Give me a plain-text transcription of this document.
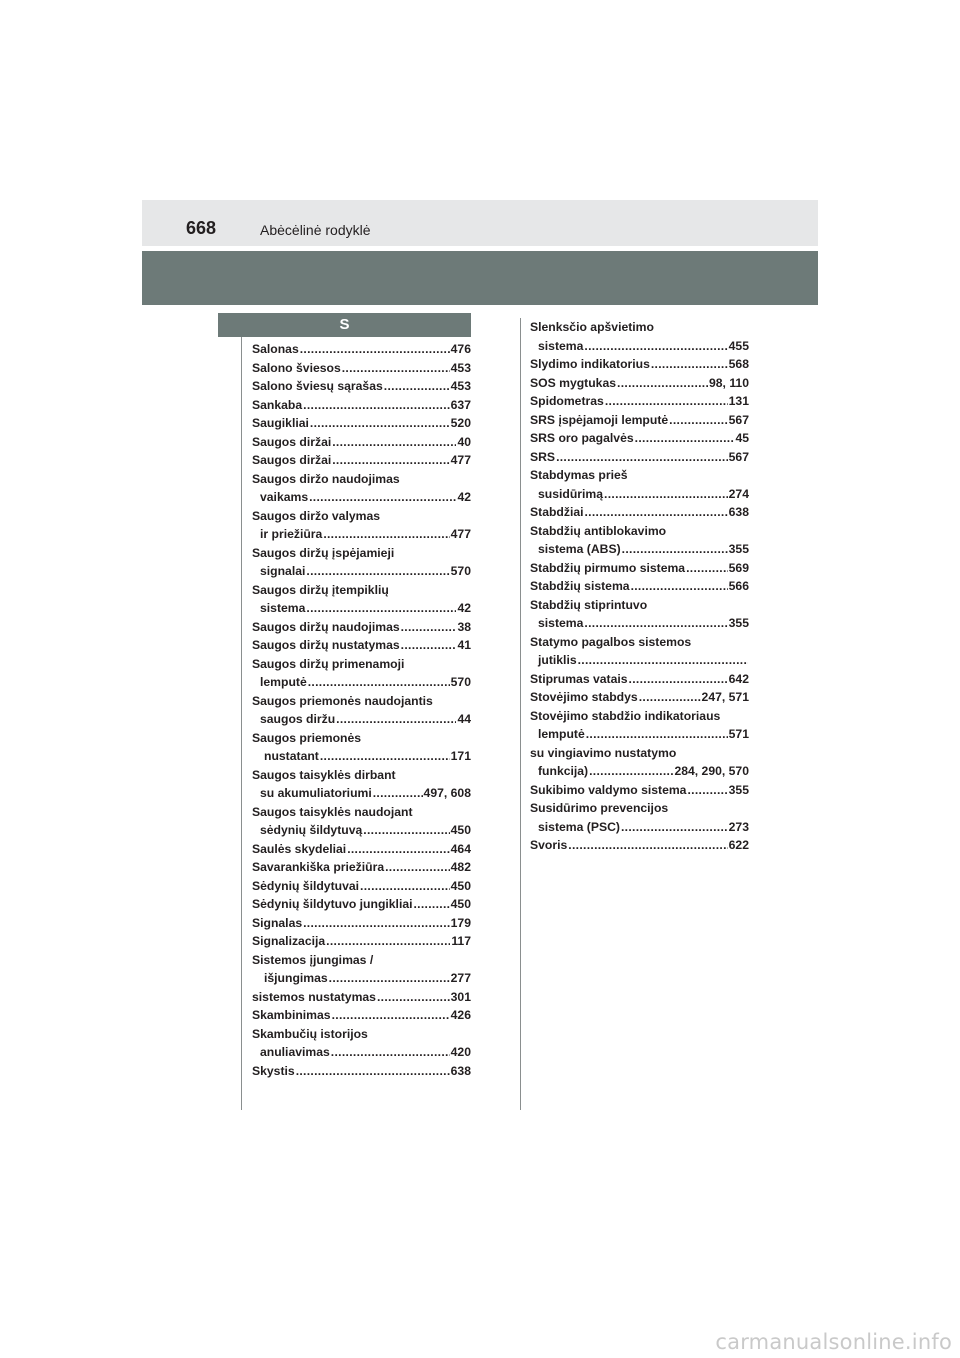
668	Abėcėlinė rodyklė
S
Salonas .....	476
Salono šviesos .....	453
Salono šviesų sąrašas .....	453
Sankaba .....	637
Saugikliai .....	520
Saugos diržai .....	40
Saugos diržai .....	477
Saugos diržo naudojimas
vaikams .....	42
Saugos diržo valymas
ir priežiūra .....	477
Saugos diržų įspėjamieji
signalai .....	570
Saugos diržų įtempiklių
sistema .....	42
Saugos diržų naudojimas .....	38
Saugos diržų nustatymas .....	41
Saugos diržų primenamoji
lemputė .....	570
Saugos priemonės naudojantis
saugos diržu .....	44
Saugos priemonės
nustatant .....	171
Saugos taisyklės dirbant
su akumuliatoriumi .....	497, 608
Saugos taisyklės naudojant
sėdynių šildytuvą .....	450
Saulės skydeliai .....	464
Savarankiška priežiūra .....	482
Sėdynių šildytuvai .....	450
Sėdynių šildytuvo jungikliai .....	450
Signalas .....	179
Signalizacija .....	117
Sistemos įjungimas /
išjungimas .....	277
sistemos nustatymas .....	301
Skambinimas .....	426
Skambučių istorijos
anuliavimas .....	420
Skystis .....	638
Slenksčio apšvietimo
sistema .....	455
Slydimo indikatorius .....	568
SOS mygtukas .....	98, 110
Spidometras .....	131
SRS įspėjamoji lemputė .....	567
SRS oro pagalvės .....	45
SRS .....	567
Stabdymas prieš
susidūrimą .....	274
Stabdžiai .....	638
Stabdžių antiblokavimo
sistema (ABS) .....	355
Stabdžių pirmumo sistema .....	569
Stabdžių sistema .....	566
Stabdžių stiprintuvo
sistema .....	355
Statymo pagalbos sistemos
jutiklis
.....
Stiprumas vatais .....	642
Stovėjimo stabdys .....	247, 571
Stovėjimo stabdžio indikatoriaus
lemputė .....	571
su vingiavimo nustatymo
funkcija) .....	284, 290, 570
Sukibimo valdymo sistema .....	355
Susidūrimo prevencijos
sistema (PSC) .....	273
Svoris .....	622
carmanualsonline.info
